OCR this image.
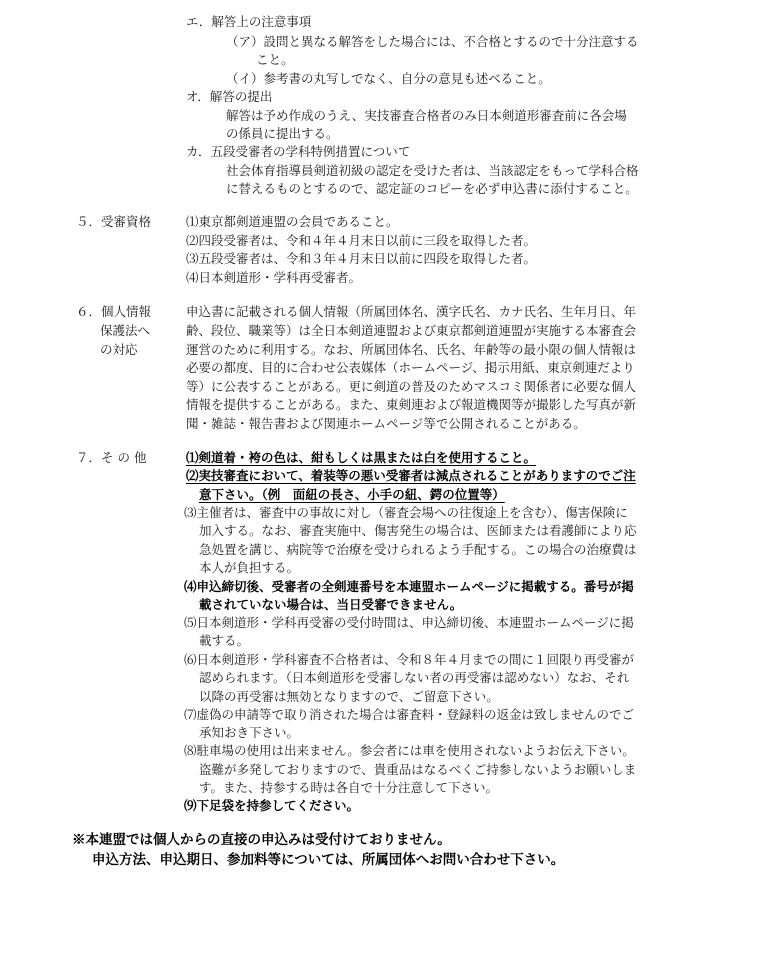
エ．解答上の注意事項
（ア）設問と異なる解答をした場合には、不合格とするので十分注意する
こと。
（イ）参考書の丸写しでなく、自分の意見も述べること。
オ．解答の提出
解答は予め作成のうえ、実技審査合格者のみ日本剣道形審査前に各会場
の係員に提出する。
カ．五段受審者の学科特例措置について
社会体育指導員剣道初級の認定を受けた者は、当該認定をもって学科合格
に替えるものとするので、認定証のコピーを必ず申込書に添付すること。
５．受審資格	⑴東京都剣道連盟の会員であること。
⑵四段受審者は、令和４年４月末日以前に三段を取得した者。
⑶五段受審者は、令和３年４月末日以前に四段を取得した者。
⑷日本剣道形・学科再受審者。
６．個人情報
保護法へ
の対応
申込書に記載される個人情報（所属団体名、漢字氏名、カナ氏名、生年月日、年
齢、段位、職業等）は全日本剣道連盟および東京都剣道連盟が実施する本審査会
運営のために利用する。なお、所属団体名、氏名、年齢等の最小限の個人情報は
必要の都度、目的に合わせ公表媒体（ホームページ、掲示用紙、東京剣連だより
等）に公表することがある。更に剣道の普及のためマスコミ関係者に必要な個人
情報を提供することがある。また、東剣連および報道機関等が撮影した写真が新
聞・雑誌・報告書および関連ホームページ等で公開されることがある。
７．そ の 他	⑴剣道着・袴の色は、紺もしくは黒または白を使用すること。
⑵実技審査において、着装等の悪い受審者は減点されることがありますのでご注
意下さい。（例　面紐の長さ、小手の紐、鍔の位置等）
⑶主催者は、審査中の事故に対し（審査会場への往復途上を含む）、傷害保険に
加入する。なお、審査実施中、傷害発生の場合は、医師または看護師により応
急処置を講じ、病院等で治療を受けられるよう手配する。この場合の治療費は
本人が負担する。
⑷申込締切後、受審者の全剣連番号を本連盟ホームページに掲載する。番号が掲
載されていない場合は、当日受審できません。
⑸日本剣道形・学科再受審の受付時間は、申込締切後、本連盟ホームページに掲
載する。
⑹日本剣道形・学科審査不合格者は、令和８年４月までの間に１回限り再受審が
認められます。（日本剣道形を受審しない者の再受審は認めない）なお、それ
以降の再受審は無効となりますので、ご留意下さい。
⑺虚偽の申請等で取り消された場合は審査料・登録料の返金は致しませんのでご
承知おき下さい。
⑻駐車場の使用は出来ません。参会者には車を使用されないようお伝え下さい。
盗難が多発しておりますので、貴重品はなるべくご持参しないようお願いしま
す。また、持参する時は各自で十分注意して下さい。
⑼下足袋を持参してください。
※本連盟では個人からの直接の申込みは受付けておりません。
申込方法、申込期日、参加料等については、所属団体へお問い合わせ下さい。
